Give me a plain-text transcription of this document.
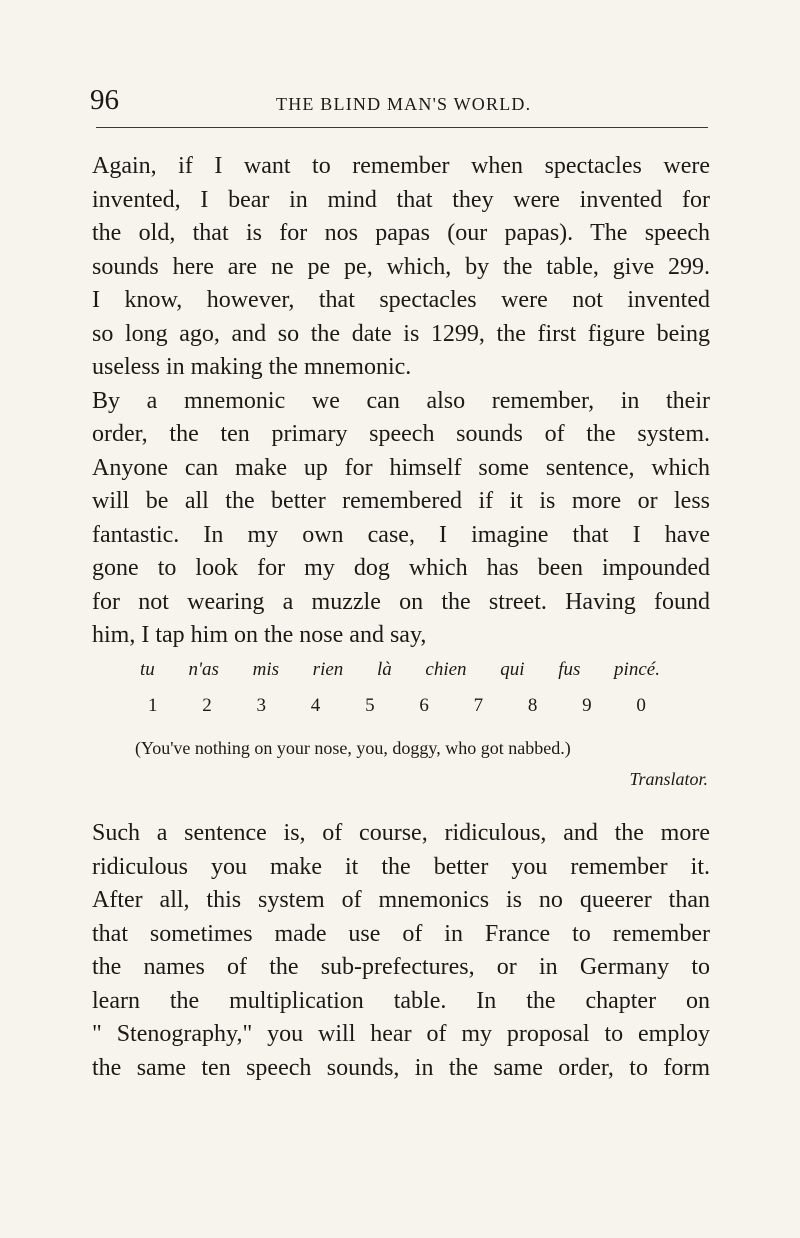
96	THE BLIND MAN'S WORLD.
Again, if I want to remember when spectacles were
invented, I bear in mind that they were invented for
the old, that is for nos papas (our papas). The speech
sounds here are ne pe pe, which, by the table, give 299.
I know, however, that spectacles were not invented
so long ago, and so the date is 1299, the first figure being
useless in making the mnemonic.
By a mnemonic we can also remember, in their
order, the ten primary speech sounds of the system.
Anyone can make up for himself some sentence, which
will be all the better remembered if it is more or less
fantastic. In my own case, I imagine that I have
gone to look for my dog which has been impounded
for not wearing a muzzle on the street. Having found
him, I tap him on the nose and say,
tu n'as mis rien là chien qui fus pincé.
1 2 3 4 5 6 7 8 9 0
(You've nothing on your nose, you, doggy, who got nabbed.)
Translator.
Such a sentence is, of course, ridiculous, and the more
ridiculous you make it the better you remember it.
After all, this system of mnemonics is no queerer than
that sometimes made use of in France to remember
the names of the sub-prefectures, or in Germany to
learn the multiplication table. In the chapter on
" Stenography," you will hear of my proposal to employ
the same ten speech sounds, in the same order, to form
